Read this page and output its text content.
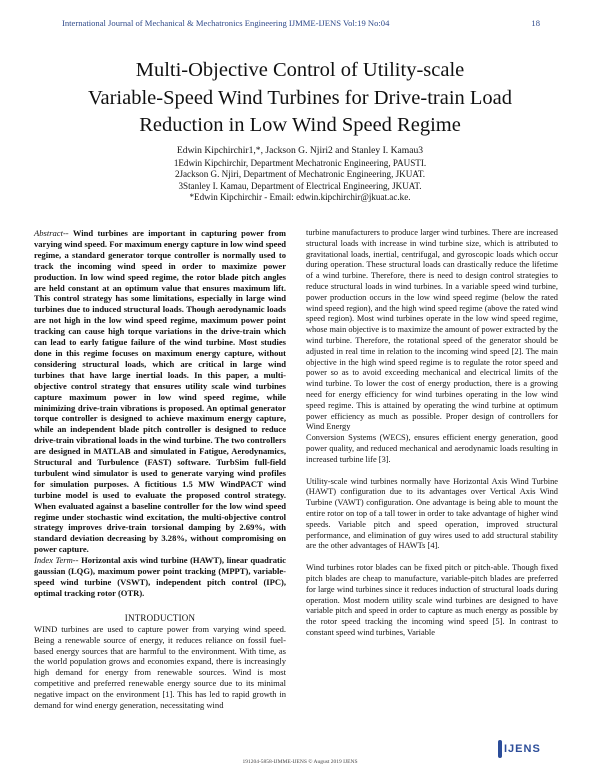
International Journal of Mechanical & Mechatronics Engineering IJMME-IJENS Vol:19 No:04	18
Multi-Objective Control of Utility-scale
Variable-Speed Wind Turbines for Drive-train Load
Reduction in Low Wind Speed Regime
Edwin Kipchirchir1,*, Jackson G. Njiri2 and Stanley I. Kamau3
1Edwin Kipchirchir, Department Mechatronic Engineering, PAUSTI.
2Jackson G. Njiri, Department of Mechatronic Engineering, JKUAT.
3Stanley I. Kamau, Department of Electrical Engineering, JKUAT.
*Edwin Kipchirchir - Email: edwin.kipchirchir@jkuat.ac.ke.

Abstract-- Wind turbines are important in capturing power from varying wind speed. For maximum energy capture in low wind speed regime, a standard generator torque controller is normally used to track the incoming wind speed in order to maximize power production. In low wind speed regime, the rotor blade pitch angles are held constant at an optimum value that ensures maximum lift. This control strategy has some limitations, especially in large wind turbines due to induced structural loads. Though aerodynamic loads are not high in the low wind speed regime, maximum power point tracking can cause high torque variations in the drive-train which can lead to early fatigue failure of the wind turbine. Most studies done in this regime focuses on maximum energy capture, without considering structural loads, which are critical in large wind turbines that have large inertial loads. In this paper, a multi-objective control strategy that ensures utility scale wind turbines capture maximum power in low wind speed regime, while minimizing drive-train vibrations is proposed. An optimal generator torque controller is designed to achieve maximum energy capture, while an independent blade pitch controller is designed to reduce drive-train vibrational loads in the wind turbine. The two controllers are designed in MATLAB and simulated in Fatigue, Aerodynamics, Structural and Turbulence (FAST) software. TurbSim full-field turbulent wind simulator is used to generate varying wind profiles for simulation purposes. A fictitious 1.5 MW WindPACT wind turbine model is used to evaluate the proposed control strategy. When evaluated against a baseline controller for the low wind speed regime under stochastic wind excitation, the multi-objective control strategy improves drive-train torsional damping by 2.69%, with standard deviation decreasing by 3.28%, without compromising on power capture.

Index Term-- Horizontal axis wind turbine (HAWT), linear quadratic gaussian (LQG), maximum power point tracking (MPPT), variable-speed wind turbine (VSWT), independent pitch control (IPC), optimal tracking rotor (OTR).

INTRODUCTION

WIND turbines are used to capture power from varying wind speed. Being a renewable source of energy, it reduces reliance on fossil fuel-based energy sources that are harmful to the environment. With time, as the world population grows and economies expand, there is increasingly high demand for energy from renewable sources. Wind is most competitive and preferred renewable energy source due to its minimal negative impact on the environment [1]. This has led to rapid growth in demand for wind energy generation, necessitating wind

turbine manufacturers to produce larger wind turbines. There are increased structural loads with increase in wind turbine size, which is attributed to gravitational loads, inertial, centrifugal, and gyroscopic loads which occur during operation. These structural loads can drastically reduce the lifetime of a wind turbine. Therefore, there is need to design control strategies to reduce structural loads in wind turbines. In a variable speed wind turbine, power production occurs in the low wind speed regime (below the rated wind speed region), and the high wind speed regime (above the rated wind speed region). Most wind turbines operate in the low wind speed regime, whose main objective is to maximize the amount of power extracted by the wind turbine. Therefore, the rotational speed of the generator should be adjusted in real time in relation to the incoming wind speed [2]. The main objective in the high wind speed regime is to regulate the rotor speed and power so as to avoid exceeding mechanical and electrical limits of the wind turbine. To lower the cost of energy production, there is a growing need for energy efficiency for wind turbines operating in the low wind speed regime. This is attained by operating the wind turbine at optimum power efficiency as much as possible. Proper design of controllers for Wind Energy

Conversion Systems (WECS), ensures efficient energy generation, good power quality, and reduced mechanical and aerodynamic loads resulting in increased turbine life [3].

Utility-scale wind turbines normally have Horizontal Axis Wind Turbine (HAWT) configuration due to its advantages over Vertical Axis Wind Turbine (VAWT) configuration. One advantage is being able to mount the entire rotor on top of a tall tower in order to take advantage of higher wind speeds. Variable pitch and speed operation, improved structural performance, and elimination of guy wires used to add structural stability are the other advantages of HAWTs [4].

Wind turbines rotor blades can be fixed pitch or pitch-able. Though fixed pitch blades are cheap to manufacture, variable-pitch blades are preferred for large wind turbines since it reduces induction of structural loads during operation. Most modern utility scale wind turbines are designed to have variable pitch and speed in order to capture as much energy as possible by the rotor speed tracking the incoming wind speed [5]. In contrast to constant speed wind turbines, Variable

191204-5858-IJMME-IJENS © August 2019 IJENS
IJENS
